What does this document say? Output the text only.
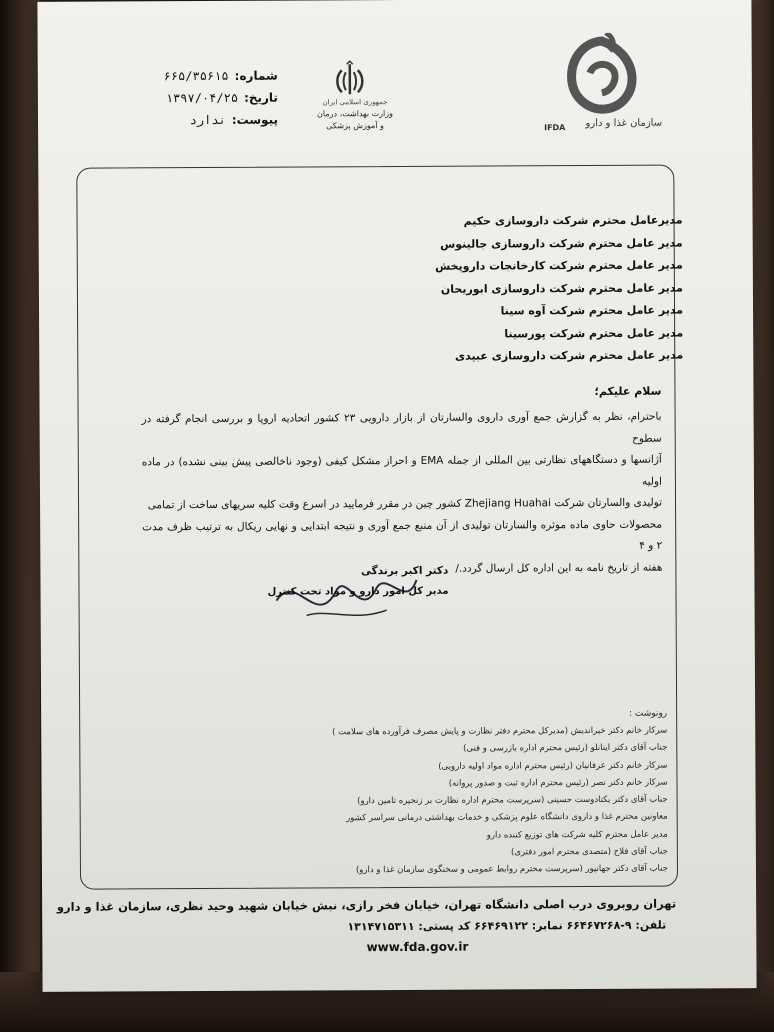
سازمان غذا و دارو
IFDA
جمهوری اسلامی ایران
وزارت بهداشت، درمان
و آموزش پزشکی
شماره:
۶۶۵/۳۵۶۱۵
تاریخ:
۱۳۹۷/۰۴/۲۵
پیوست:
ندارد
مدیرعامل محترم شرکت داروسازی حکیم
مدیر عامل محترم شرکت داروسازی جالینوس
مدیر عامل محترم شرکت کارخانجات داروپخش
مدیر عامل محترم شرکت داروسازی ابوریحان
مدیر عامل محترم شرکت آوه سینا
مدیر عامل محترم شرکت پورسینا
مدیر عامل محترم شرکت داروسازی عبیدی
سلام علیکم؛
باحترام، نظر به گزارش جمع آوری داروی والسارتان از بازار دارویی ۲۳ کشور اتحادیه اروپا و بررسی انجام گرفته در سطوح
آژانسها و دستگاههای نظارتی بین المللی از جمله EMA و احراز مشکل کیفی (وجود ناخالصی پیش بینی نشده) در ماده اولیه
تولیدی والسارتان شرکت Zhejiang Huahai کشور چین در مقرر فرمایید در اسرع وقت کلیه سریهای ساخت از تمامی
محصولات حاوی ماده موثره والسارتان تولیدی از آن منبع جمع آوری و نتیجه ابتدایی و نهایی ریکال به ترتیب ظرف مدت ۲ و ۴
هفته از تاریخ نامه به این اداره کل ارسال گردد./
دکتر اکبر برندگی
مدیر کل امور دارو و مواد تحت کنترل
رونوشت :
سرکار خانم دکتر خیراندیش (مدیرکل محترم دفتر نظارت و پایش مصرف فرآورده های سلامت )
جناب آقای دکتر اینانلو (رئیس محترم اداره بازرسی و فنی)
سرکار خانم دکتر عرفانیان (رئیس محترم اداره مواد اولیه دارویی)
سرکار خانم دکتر نصر (رئیس محترم اداره ثبت و صدور پروانه)
جناب آقای دکتر یکتادوست حسینی (سرپرست محترم اداره نظارت بر زنجیره تامین دارو)
معاونین محترم غذا و داروی دانشگاه علوم پزشکی و خدمات بهداشتی درمانی سراسر کشور
مدیر عامل محترم کلیه شرکت های توزیع کننده دارو
جناب آقای فلاح (متصدی محترم امور دفتری)
جناب آقای دکتر جهانپور (سرپرست محترم روابط عمومی و سخنگوی سازمان غذا و دارو)
تهران روبروی درب اصلی دانشگاه تهران، خیابان فخر رازی، نبش خیابان شهید وحید نظری، سازمان غذا و دارو
تلفن: ۹-۶۶۴۶۷۲۶۸ نمابر: ۶۶۴۶۹۱۲۲ کد پستی: ۱۳۱۴۷۱۵۳۱۱
www.fda.gov.ir
